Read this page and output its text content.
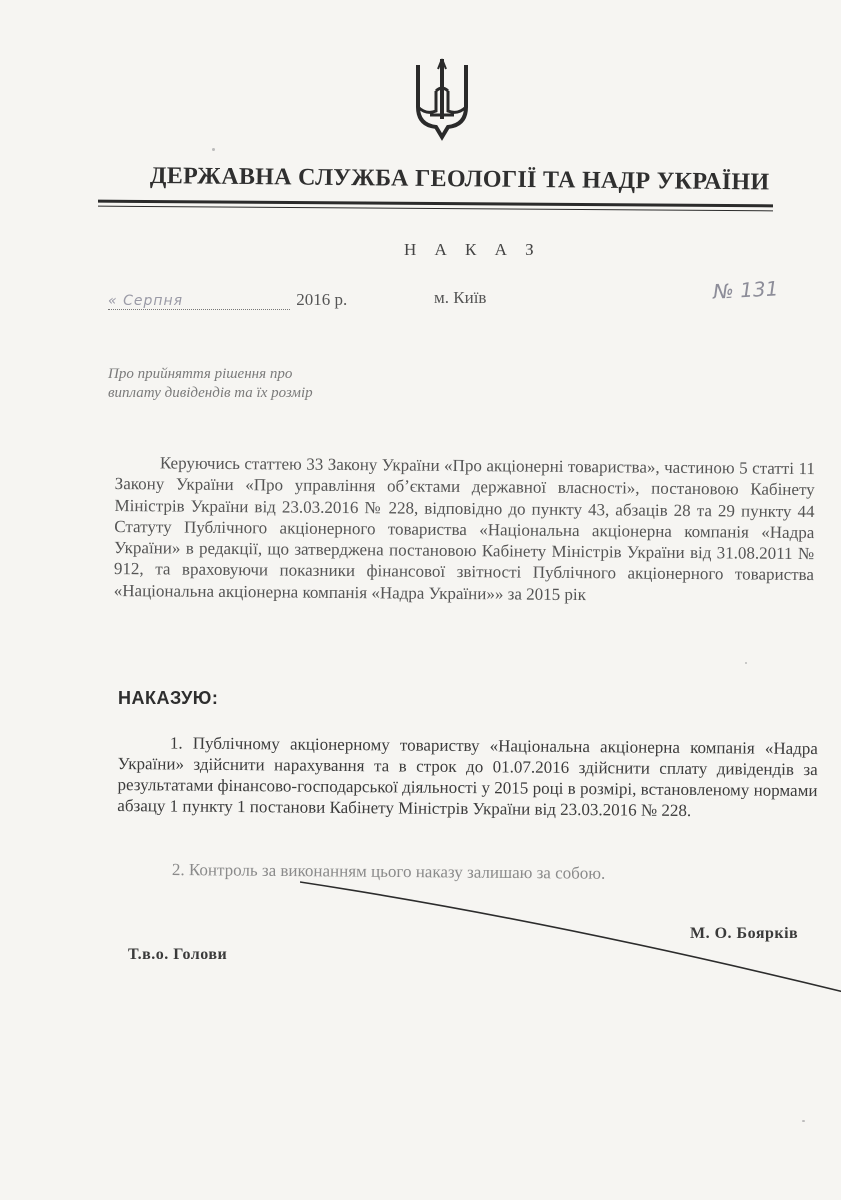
ДЕРЖАВНА СЛУЖБА ГЕОЛОГІЇ ТА НАДР УКРАЇНИ
Н А К А З
« Серпня	2016 р.	м. Київ	№ 131
Про прийняття рішення про
виплату дивідендів та їх розмір
Керуючись статтею 33 Закону України «Про акціонерні товариства», частиною 5 статті 11 Закону України «Про управління об’єктами державної власності», постановою Кабінету Міністрів України від 23.03.2016 № 228, відповідно до пункту 43, абзаців 28 та 29 пункту 44 Статуту Публічного акціонерного товариства «Національна акціонерна компанія «Надра України» в редакції, що затверджена постановою Кабінету Міністрів України від 31.08.2011 № 912, та враховуючи показники фінансової звітності Публічного акціонерного товариства «Національна акціонерна компанія «Надра України»» за 2015 рік
НАКАЗУЮ:
1. Публічному акціонерному товариству «Національна акціонерна компанія «Надра України» здійснити нарахування та в строк до 01.07.2016 здійснити сплату дивідендів за результатами фінансово-господарської діяльності у 2015 році в розмірі, встановленому нормами абзацу 1 пункту 1 постанови Кабінету Міністрів України від 23.03.2016 № 228.
2. Контроль за виконанням цього наказу залишаю за собою.
М. О. Боярків
Т.в.о. Голови
